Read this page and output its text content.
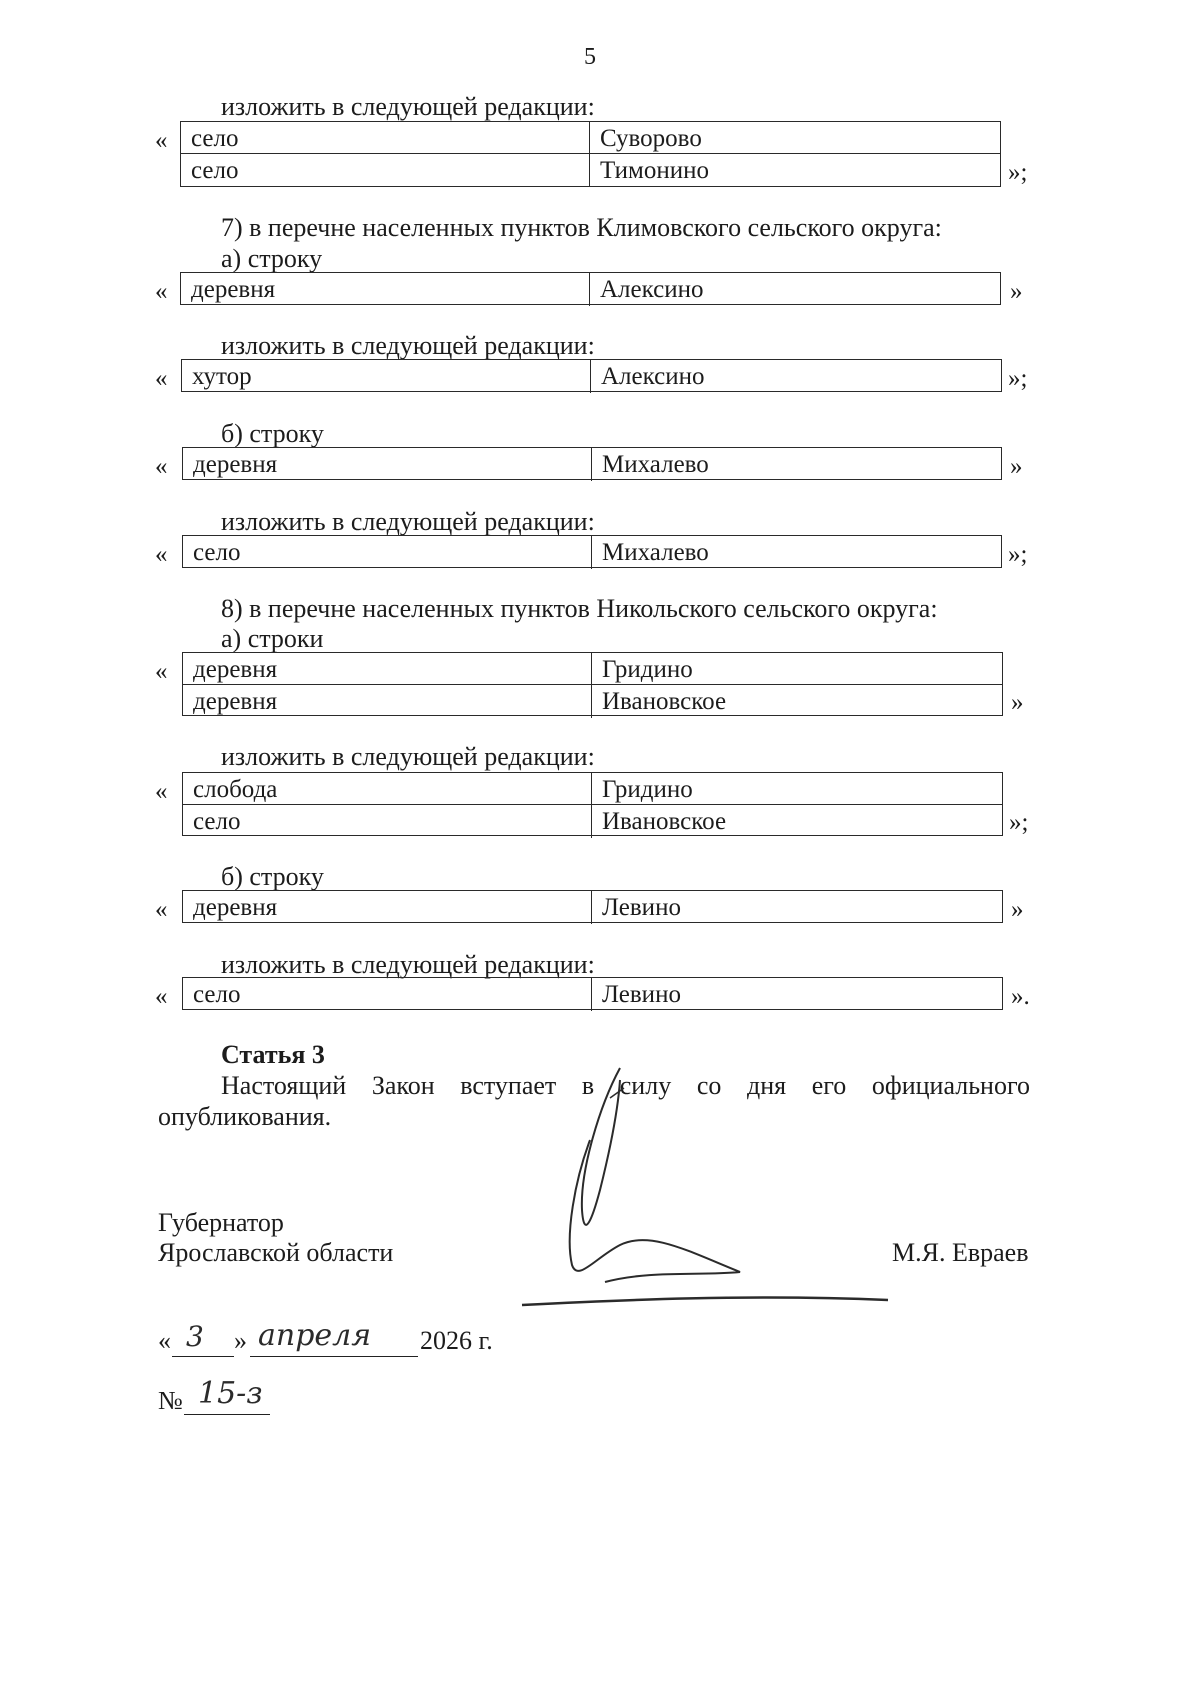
5
изложить в следующей редакции:
« село	Суворово
село	Тимонино	»;
7) в перечне населенных пунктов Климовского сельского округа:
а) строку
« деревня	Алексино	»
изложить в следующей редакции:
« хутор	Алексино	»;
б) строку
« деревня	Михалево	»
изложить в следующей редакции:
« село	Михалево	»;
8) в перечне населенных пунктов Никольского сельского округа:
а) строки
« деревня	Гридино
деревня	Ивановское	»
изложить в следующей редакции:
« слобода	Гридино
село	Ивановское	»;
б) строку
« деревня	Левино	»
изложить в следующей редакции:
« село	Левино	».
Статья 3
Настоящий Закон вступает в силу со дня его официального
опубликования.
Губернатор
Ярославской области	М.Я. Евраев
« 3 » апреля 2026 г.
№ 15-з
